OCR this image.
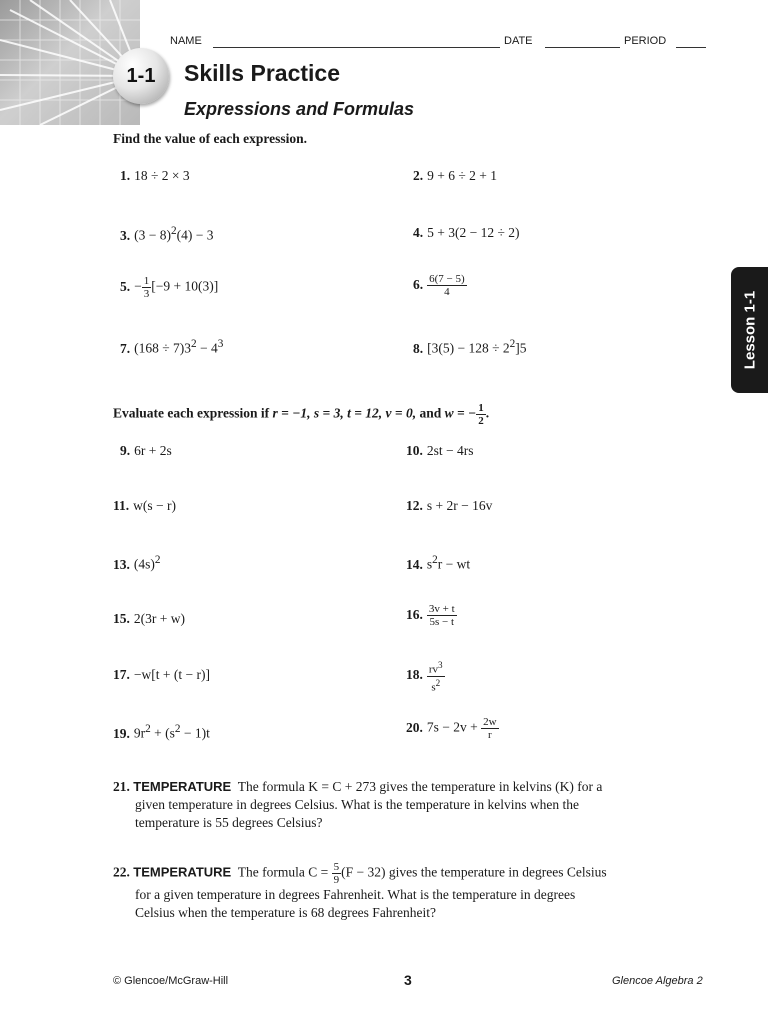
1-1
NAME	DATE	PERIOD
Skills Practice
Expressions and Formulas
Find the value of each expression.
1. 18 ÷ 2 × 3	2. 9 + 6 ÷ 2 + 1
3. $(3 - 8)^2(4) - 3$	4. 5 + 3(2 − 12 ÷ 2)
5. − $\frac{1}{3} [-9 + 10(3)]$	6. $\frac{6(7 - 5)}{4}$
7. $(168 \div 7)3^2 - 4^3$	8. $[3(5) - 128 \div 2^2]5$	Lesson 1-1
Evaluate each expression if r = −1, s = 3, t = 12, v = 0, and w = − $\frac{1}{2}$ .
9. 6r + 2s	10. 2st − 4rs
11. w(s − r)	12. s + 2r − 16v
13. $(4s)^2$	14. $s^2r$ − wt
15. 2(3r + w)	16. $\frac{3v + t}{5s - t}$
17. −w[t + (t − r)]	18. $\frac{rv^3}{s^2}$
19. $9r^2 + (s^2 - 1)t$	20. $7s - 2v + \frac{2w}{r}$
21. TEMPERATURE The formula K = C + 273 gives the temperature in kelvins (K) for a
given temperature in degrees Celsius. What is the temperature in kelvins when the
temperature is 55 degrees Celsius?
22. TEMPERATURE The formula $C = \frac{5}{9} (F - 32)$ gives the temperature in degrees Celsius
for a given temperature in degrees Fahrenheit. What is the temperature in degrees
Celsius when the temperature is 68 degrees Fahrenheit?
© Glencoe/McGraw-Hill	3	Glencoe Algebra 2
